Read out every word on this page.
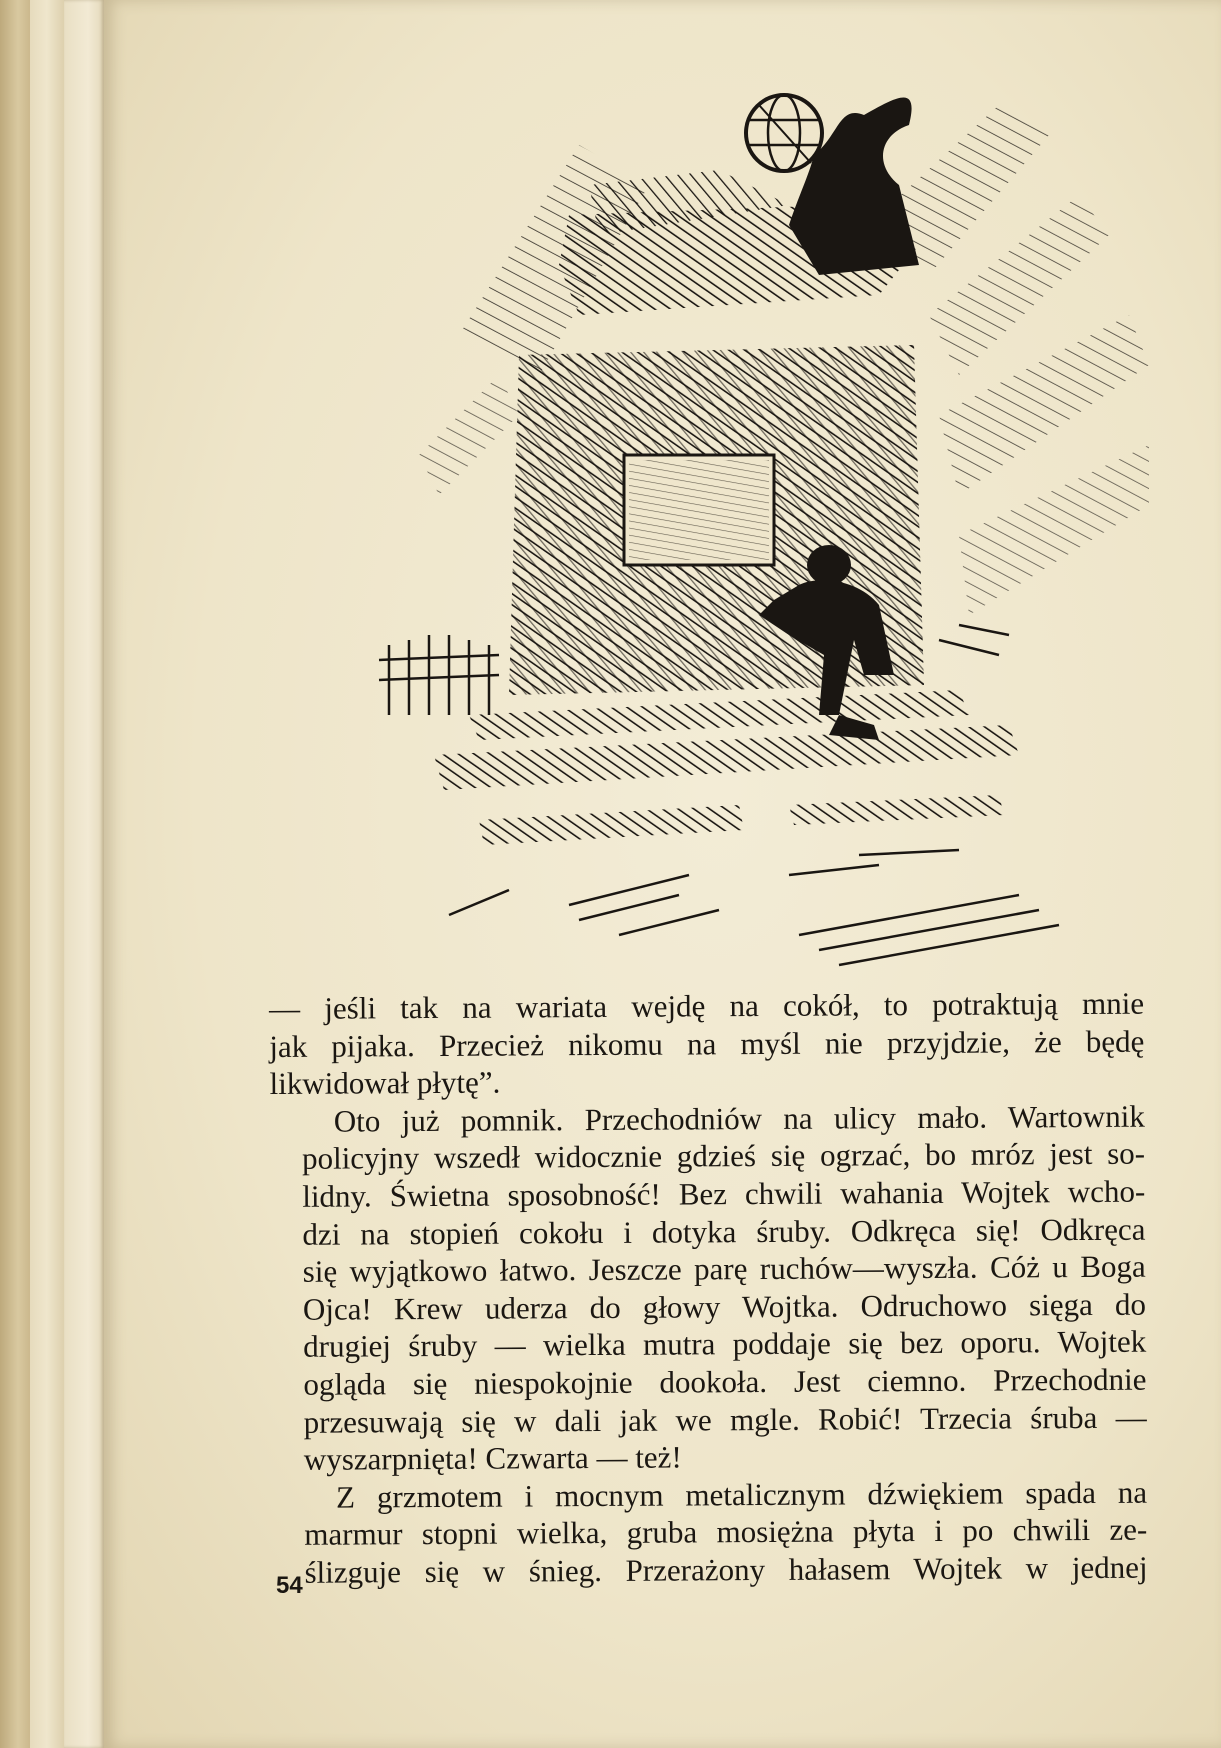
— jeśli tak na wariata wejdę na cokół, to potraktują mnie
jak pijaka. Przecież nikomu na myśl nie przyjdzie, że będę
likwidował płytę”.

Oto już pomnik. Przechodniów na ulicy mało. Wartownik
policyjny wszedł widocznie gdzieś się ogrzać, bo mróz jest so-
lidny. Świetna sposobność! Bez chwili wahania Wojtek wcho-
dzi na stopień cokołu i dotyka śruby. Odkręca się! Odkręca
się wyjątkowo łatwo. Jeszcze parę ruchów—wyszła. Cóż u Boga
Ojca! Krew uderza do głowy Wojtka. Odruchowo sięga do
drugiej śruby — wielka mutra poddaje się bez oporu. Wojtek
ogląda się niespokojnie dookoła. Jest ciemno. Przechodnie
przesuwają się w dali jak we mgle. Robić! Trzecia śruba —
wyszarpnięta! Czwarta — też!

Z grzmotem i mocnym metalicznym dźwiękiem spada na
marmur stopni wielka, gruba mosiężna płyta i po chwili ze-
ślizguje się w śnieg. Przerażony hałasem Wojtek w jednej

54
